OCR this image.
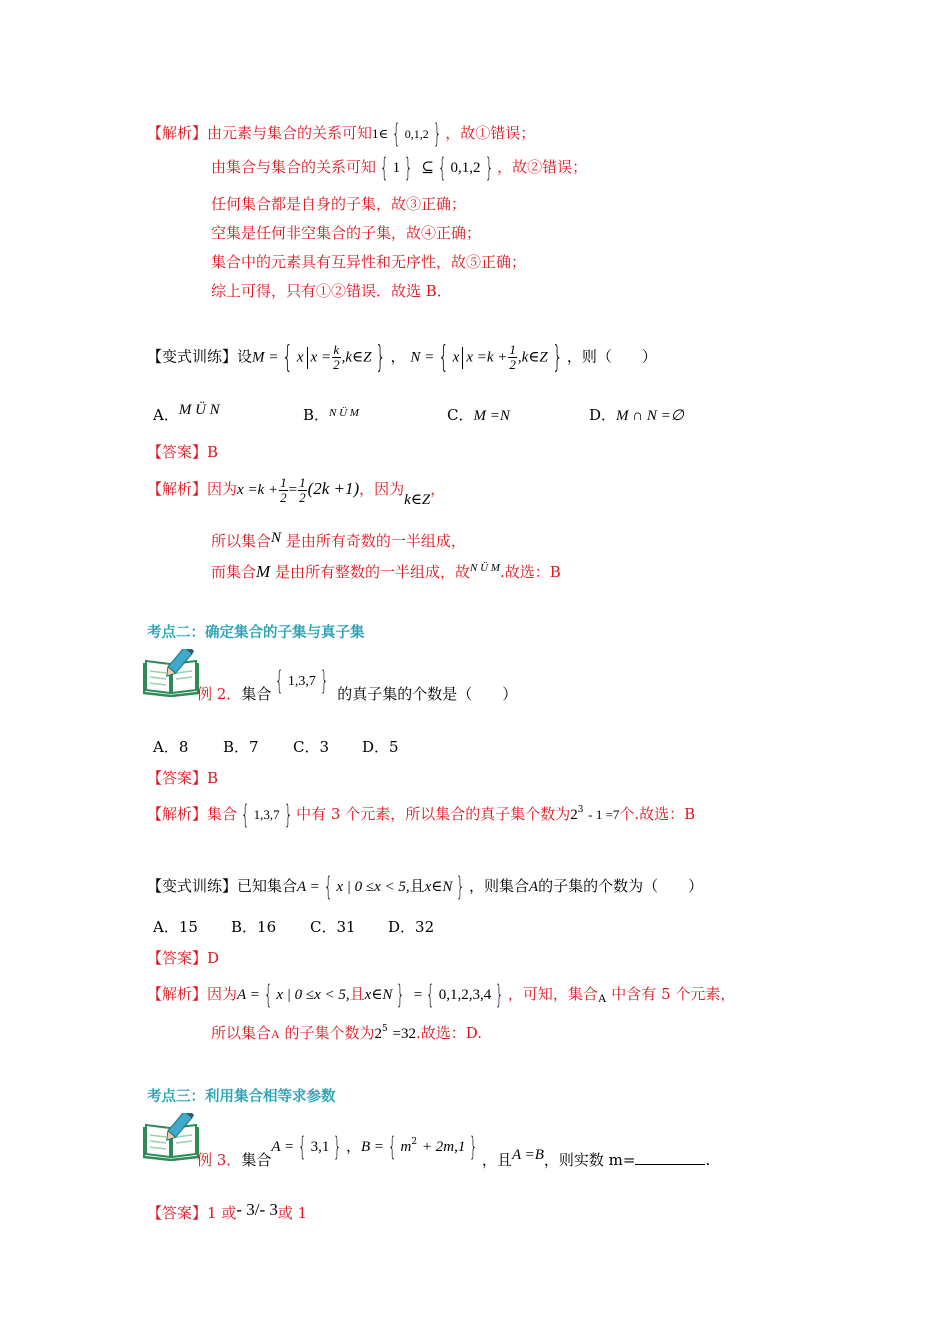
【解析】由元素与集合的关系可知1∈ { 0,1,2 } ，故①错误；
由集合与集合的关系可知 { 1 } ⊆ { 0,1,2 } ，故②错误；
任何集合都是自身的子集，故③正确；
空集是任何非空集合的子集，故④正确；
集合中的元素具有互异性和无序性，故⑤正确；
综上可得，只有①②错误．故选 B．
【变式训练】设M = { x $x = \frac{k}{2}$ ,k∈Z } ， N = { x $x =k + \frac{1}{2}$ ,k∈Z } ，则（　　）
A．M Ü N	B．$^{N Ü M}$	C．M =N	D．M ∩ N =∅
【答案】B
【解析】因为$x =k + \frac{1}{2} = \frac{1}{2} (2k +1)$，因为k∈Z，
所以集合N 是由所有奇数的一半组成，
而集合M 是由所有整数的一半组成，故$^{N Ü M}$.故选：B
考点二：确定集合的子集与真子集
例 2．集合 { 1,3,7 } 的真子集的个数是（　　）
A．8 B．7 C．3 D．5
【答案】B
【解析】集合 { 1,3,7 } 中有 3 个元素，所以集合的真子集个数为$2^3 - 1 =7$个.故选：B
【变式训练】已知集合A = { x | 0 ≤x < 5,且x∈N } ，则集合A的子集的个数为（　　）
A．15 B．16 C．31 D．32
【答案】D
【解析】因为A = { x | 0 ≤x < 5,且x∈N } = { 0,1,2,3,4 } ，可知，集合$_A$ 中含有 5 个元素，
所以集合A 的子集个数为$2^5 =32$.故选：D.
考点三：利用集合相等求参数
例 3．集合A = { 3,1 } ，B = { $m^2 + 2m,1$ } ，且A =B，则实数 m=	.
【答案】1 或- 3/- 3或 1
